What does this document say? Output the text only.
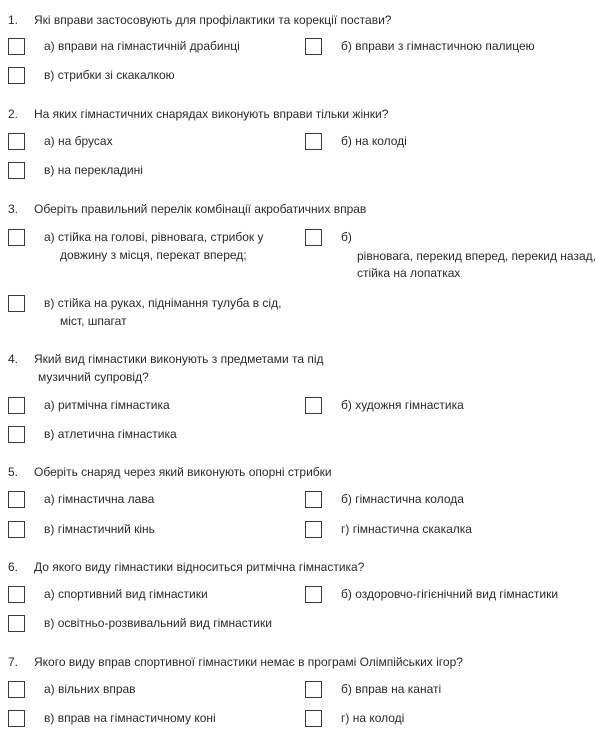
1. Які вправи застосовують для профілактики та корекції постави?
а) вправи на гімнастичній драбинці	б) вправи з гімнастичною палицею
в) стрибки зі скакалкою
2. На яких гімнастичних снарядах виконують вправи тільки жінки?
а) на брусах	б) на колоді
в) на перекладині
3. Оберіть правильний перелік комбінації акробатичних вправ
а) стійка на голові, рівновага, стрибок у
довжину з місця, перекат вперед;
б)
рівновага, перекид вперед, перекид назад,
стійка на лопатках
в) стійка на руках, піднімання тулуба в сід,
міст, шпагат
4. Який вид гімнастики виконують з предметами та під
музичний супровід?
а) ритмічна гімнастика	б) художня гімнастика
в) атлетична гімнастика
5. Оберіть снаряд через який виконують опорні стрибки
а) гімнастична лава	б) гімнастична колода
в) гімнастичний кінь	г) гімнастична скакалка
6. До якого виду гімнастики відноситься ритмічна гімнастика?
а) спортивний вид гімнастики	б) оздоровчо-гігієнічний вид гімнастики
в) освітньо-розвивальний вид гімнастики
7. Якого виду вправ спортивної гімнастики немає в програмі Олімпійських ігор?
а) вільних вправ	б) вправ на канаті
в) вправ на гімнастичному коні	г) на колоді
